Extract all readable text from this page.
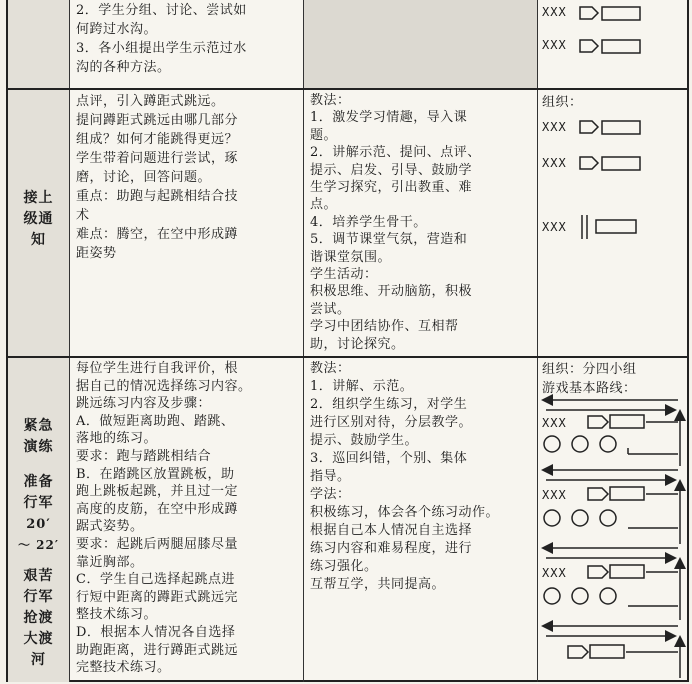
2．学生分组、讨论、尝试如
何跨过水沟。
3．各小组提出学生示范过水
沟的各种方法。
XXX
XXX
接上
级通
知
点评，引入蹲距式跳远。
提问蹲距式跳远由哪几部分
组成？如何才能跳得更远？
学生带着问题进行尝试，琢
磨，讨论，回答问题。
重点：助跑与起跳相结合技
术
难点：腾空，在空中形成蹲
距姿势
教法：
1．激发学习情趣，导入课
题。
2．讲解示范、提问、点评、
提示、启发、引导、鼓励学
生学习探究，引出教重、难
点。
4．培养学生骨干。
5．调节课堂气氛，营造和
谐课堂氛围。
学生活动：
积极思维、开动脑筋，积极
尝试。
学习中团结协作、互相帮
助，讨论探究。
组织：
XXX
XXX
XXX
紧急
演练
准备
行军
20′
～ 22′
艰苦
行军
抢渡
大渡
河
每位学生进行自我评价，根
据自己的情况选择练习内容。
跳远练习内容及步骤：
A．做短距离助跑、踏跳、
落地的练习。
要求：跑与踏跳相结合
B．在踏跳区放置跳板，助
跑上跳板起跳，并且过一定
高度的皮筋，在空中形成蹲
踞式姿势。
要求：起跳后两腿屈膝尽量
靠近胸部。
C．学生自己选择起跳点进
行短中距离的蹲距式跳远完
整技术练习。
D．根据本人情况各自选择
助跑距离，进行蹲距式跳远
完整技术练习。
教法：
1．讲解、示范。
2．组织学生练习，对学生
进行区别对待，分层教学。
提示、鼓励学生。
3．巡回纠错，个别、集体
指导。
学法：
积极练习，体会各个练习动作。
根据自己本人情况自主选择
练习内容和难易程度，进行
练习强化。
互帮互学，共同提高。
组织：分四小组
游戏基本路线：
XXX
XXX
XXX
